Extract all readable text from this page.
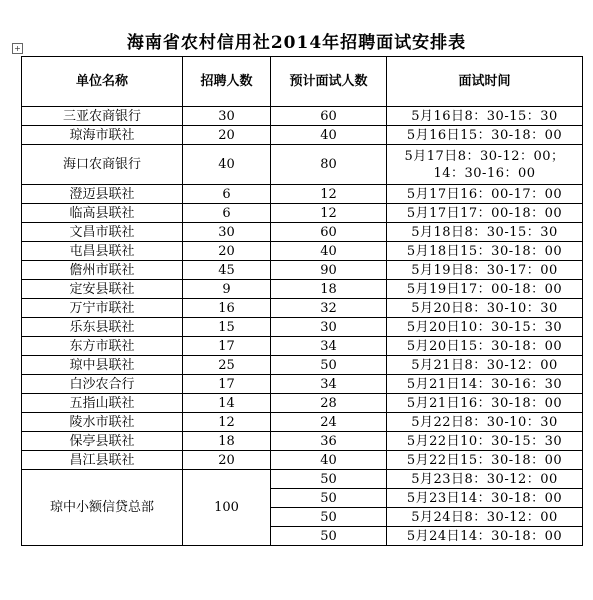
海南省农村信用社2014年招聘面试安排表
+
单位名称	招聘人数	预计面试人数	面试时间
三亚农商银行	30	60	5月16日8：30-15：30
琼海市联社	20	40	5月16日15：30-18：00
海口农商银行	40	80	5月17日8：30-12：00；
14：30-16：00

澄迈县联社	6	12	5月17日16：00-17：00
临高县联社	6	12	5月17日17：00-18：00
文昌市联社	30	60	5月18日8：30-15：30
屯昌县联社	20	40	5月18日15：30-18：00
儋州市联社	45	90	5月19日8：30-17：00
定安县联社	9	18	5月19日17：00-18：00
万宁市联社	16	32	5月20日8：30-10：30
乐东县联社	15	30	5月20日10：30-15：30
东方市联社	17	34	5月20日15：30-18：00
琼中县联社	25	50	5月21日8：30-12：00
白沙农合行	17	34	5月21日14：30-16：30
五指山联社	14	28	5月21日16：30-18：00
陵水市联社	12	24	5月22日8：30-10：30
保亭县联社	18	36	5月22日10：30-15：30
昌江县联社	20	40	5月22日15：30-18：00
琼中小额信贷总部	100	50	5月23日8：30-12：00
		50	5月23日14：30-18：00
		50	5月24日8：30-12：00
		50	5月24日14：30-18：00
